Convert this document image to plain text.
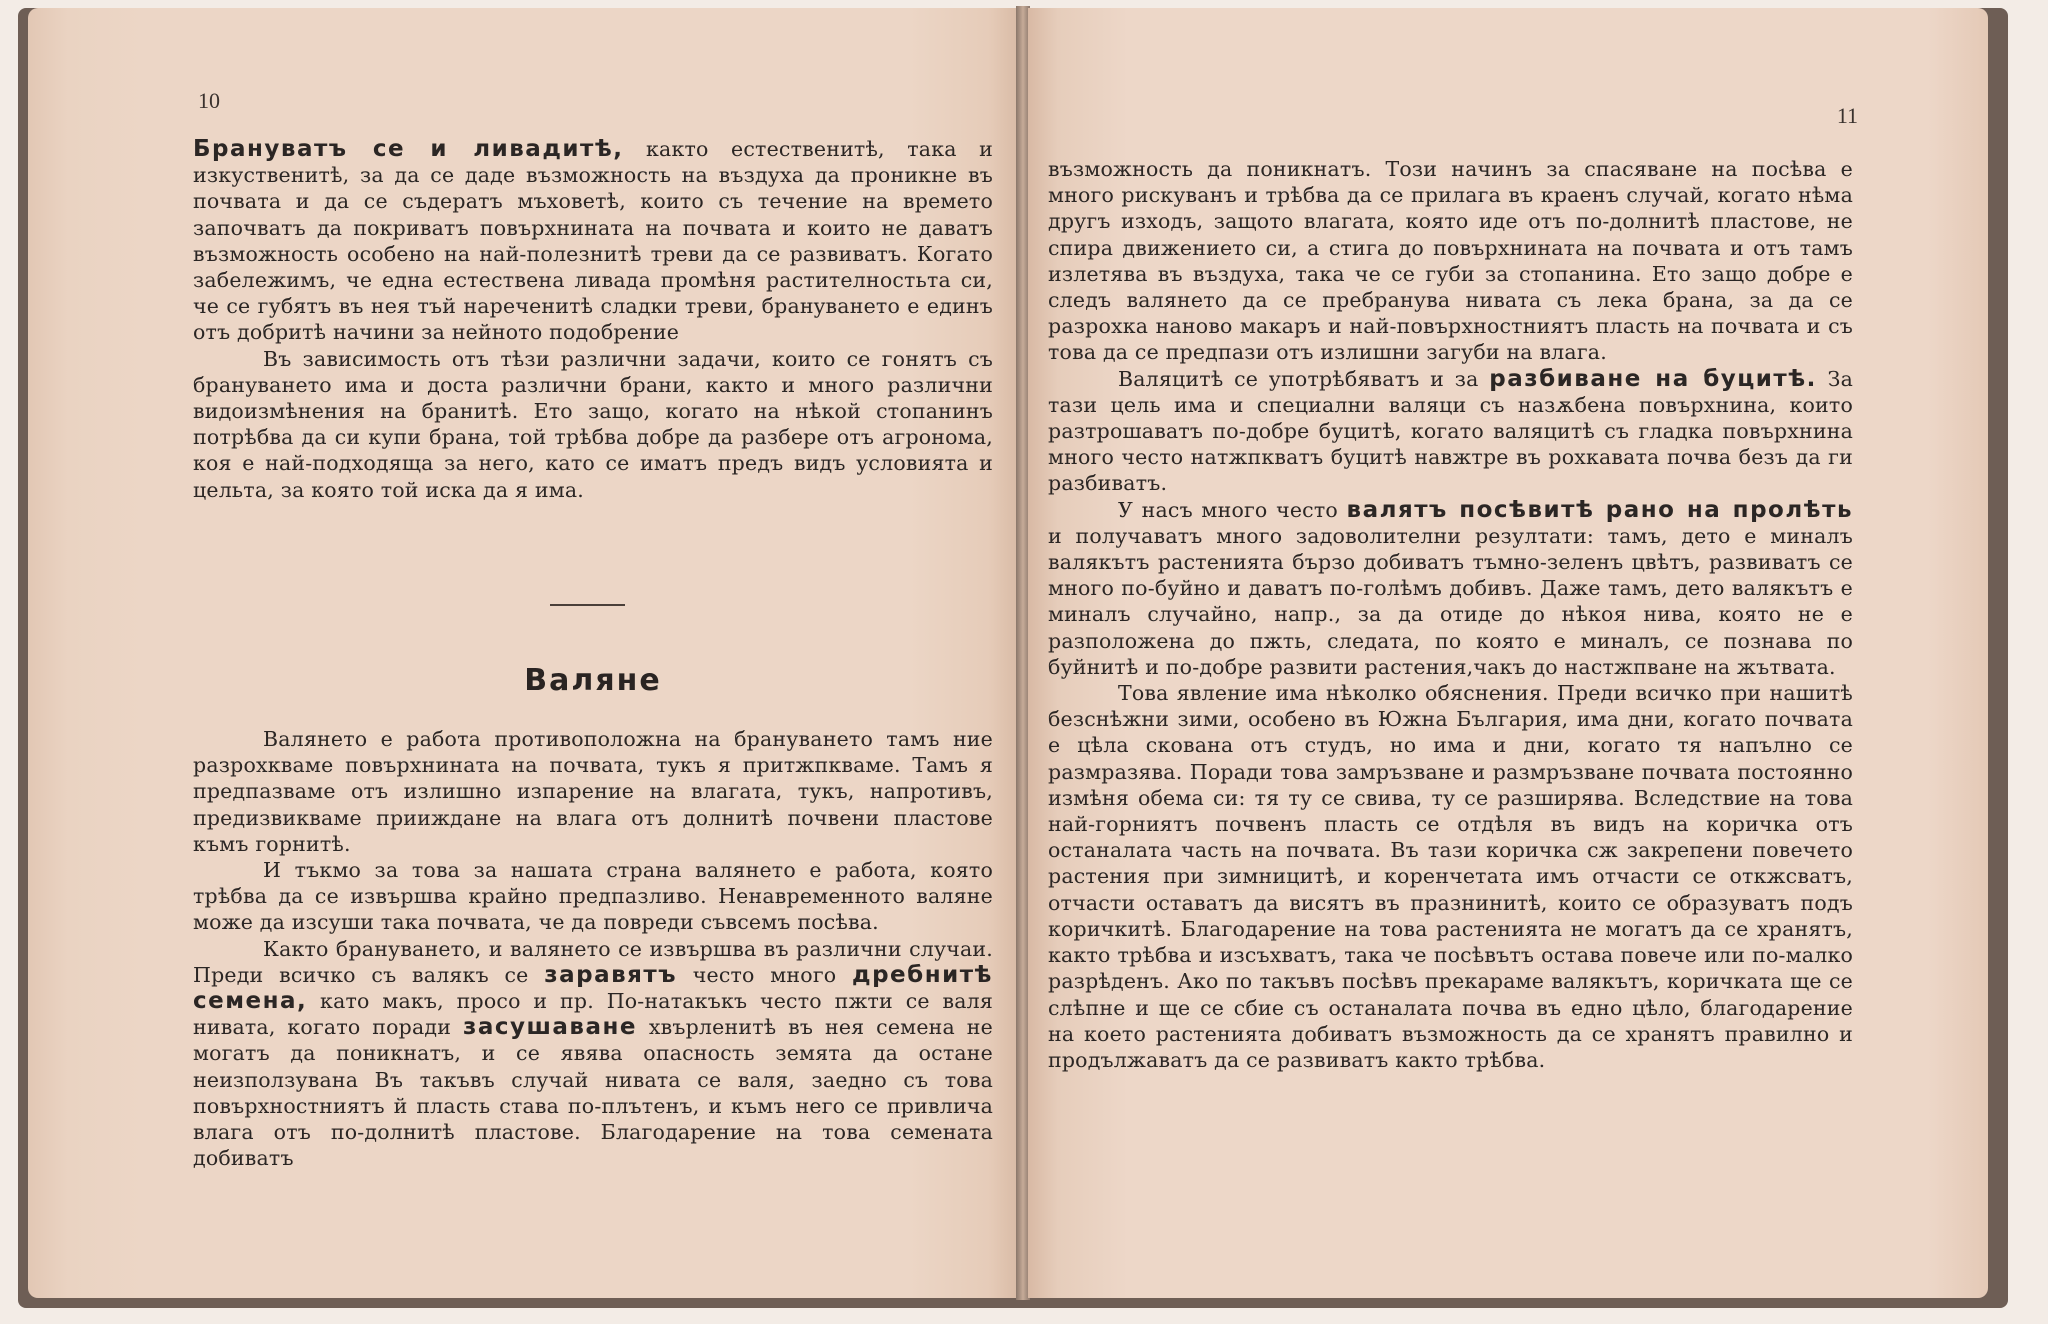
10

Брануватъ се и ливадитѣ, както естественитѣ, така и изкуственитѣ, за да се даде възможность на въздуха да проникне въ почвата и да се съдератъ мъховетѣ, които съ течение на времето започватъ да покриватъ повърхнината на почвата и които не даватъ възможность особено на най-полезнитѣ треви да се развиватъ. Когато забележимъ, че една естествена ливада промѣня растителностьта си, че се губятъ въ нея тъй нареченитѣ сладки треви, бранyването е единъ отъ добритѣ начини за нейното подобрение

Въ зависимость отъ тѣзи различни задачи, които се гонятъ съ брануването има и доста различни брани, както и много различни видоизмѣнения на бранитѣ. Ето защо, когато на нѣкой стопанинъ потрѣбва да си купи брана, той трѣбва добре да разбере отъ агронома, коя е най-подходяща за него, като се иматъ предъ видъ условията и цельта, за която той иска да я има.

Валяне

Валянето е работа противоположна на брануването тамъ ние разрохкваме повърхнината на почвата, тукъ я притжпкваме. Тамъ я предпазваме отъ излишно изпарение на влагата, тукъ, напротивъ, предизвикваме прииждане на влага отъ долнитѣ почвени пластове къмъ горнитѣ.

И тъкмо за това за нашата страна валянето е работа, която трѣбва да се извършва крайно предпазливо. Ненавременното валяне може да изсуши така почвата, че да повреди съвсемъ посѣва.

Както брануването, и валянето се извършва въ различни случаи. Преди всичко съ валякъ се заравятъ често много дребнитѣ семена, като макъ, просо и пр. По-натакъкъ често пжти се валя нивата, когато поради засушаване хвърленитѣ въ нея семена не могатъ да поникнатъ, и се явява опасность земята да остане неизползувана Въ такъвъ случай нивата се валя, заедно съ това повърхностниятъ й пласть става по-плътенъ, и къмъ него се привлича влага отъ по-долнитѣ пластове. Благодарение на това семената добиватъ

11

възможность да поникнатъ. Този начинъ за спасяване на посѣва е много рискуванъ и трѣбва да се прилага въ краенъ случай, когато нѣма другъ изходъ, защото влагата, която иде отъ по-долнитѣ пластове, не спира движението си, а стига до повърхнината на почвата и отъ тамъ излетява въ въздуха, така че се губи за стопанина. Ето защо добре е следъ валянето да се пребранува нивата съ лека брана, за да се разрохка наново макаръ и най-повърхностниятъ пласть на почвата и съ това да се предпази отъ излишни загуби на влага.

Валяцитѣ се употрѣбяватъ и за разбиване на буцитѣ. За тази цель има и специални валяци съ назѫбена повърхнина, които разтрошаватъ по-добре буцитѣ, когато валяцитѣ съ гладка повърхнина много често натжпкватъ буцитѣ навжтре въ рохкавата почва безъ да ги разбиватъ.

У насъ много често валятъ посѣвитѣ рано на пролѣть и получаватъ много задоволителни резултати: тамъ, дето е миналъ валякътъ растенията бързо добиватъ тъмно-зеленъ цвѣтъ, развиватъ се много по-буйно и даватъ по-голѣмъ добивъ. Даже тамъ, дето валякътъ е миналъ случайно, напр., за да отиде до нѣкоя нива, която не е разположена до пжть, следата, по която е миналъ, се познава по буйнитѣ и по-добре развити растения,чакъ до настжпване на жътвата.

Това явление има нѣколко обяснения. Преди всичко при нашитѣ безснѣжни зими, особено въ Южна България, има дни, когато почвата е цѣла скована отъ студъ, но има и дни, когато тя напълно се размразява. Поради това замръзване и размръзване почвата постоянно измѣня обема си: тя ту се свива, ту се разширява. Вследствие на това най-горниятъ почвенъ пласть се отдѣля въ видъ на коричка отъ останалата часть на почвата. Въ тази коричка сж закрепени повечето растения при зимницитѣ, и коренчетата имъ отчасти се откжсватъ, отчасти оставатъ да висятъ въ празнинитѣ, които се образуватъ подъ коричкитѣ. Благодарение на това растенията не могатъ да се хранятъ, както трѣбва и изсъхватъ, така че посѣвътъ остава повече или по-малко разрѣденъ. Ако по такъвъ посѣвъ прекараме валякътъ, коричката ще се слѣпне и ще се сбие съ останалата почва въ едно цѣло, благодарение на което растенията добиватъ възможность да се хранятъ правилно и продължаватъ да се развиватъ както трѣбва.
